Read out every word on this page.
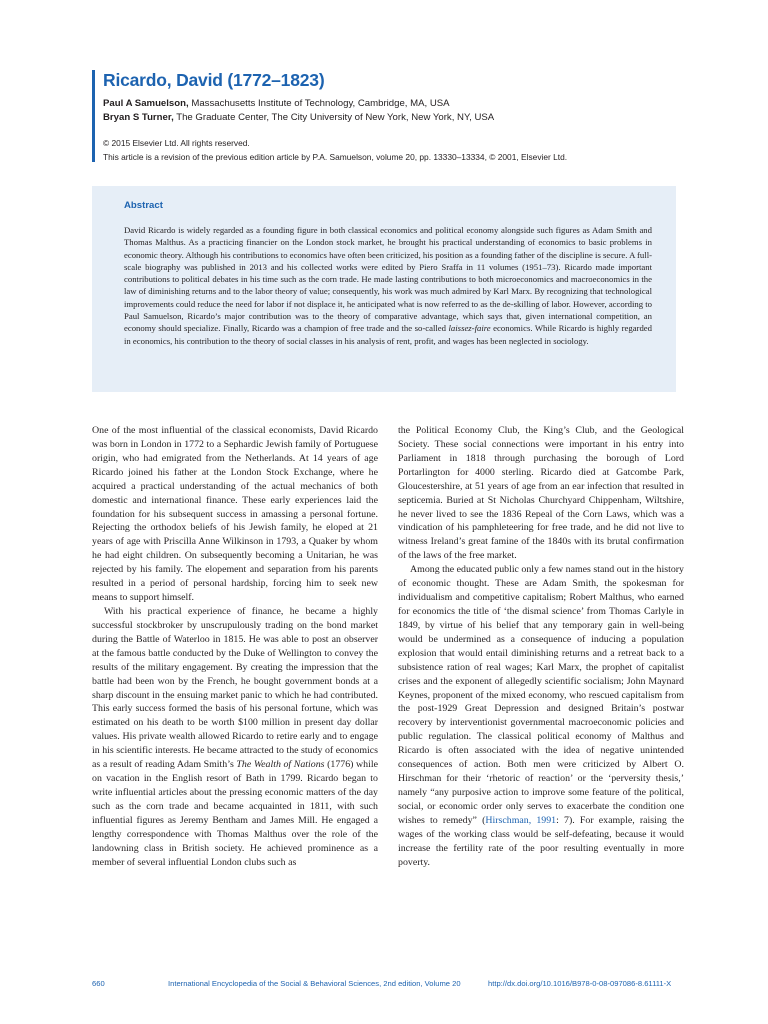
Ricardo, David (1772–1823)
Paul A Samuelson, Massachusetts Institute of Technology, Cambridge, MA, USA
Bryan S Turner, The Graduate Center, The City University of New York, New York, NY, USA
© 2015 Elsevier Ltd. All rights reserved.
This article is a revision of the previous edition article by P.A. Samuelson, volume 20, pp. 13330–13334, © 2001, Elsevier Ltd.
Abstract

David Ricardo is widely regarded as a founding figure in both classical economics and political economy alongside such figures as Adam Smith and Thomas Malthus. As a practicing financier on the London stock market, he brought his practical understanding of economics to basic problems in economic theory. Although his contributions to economics have often been criticized, his position as a founding father of the discipline is secure. A full-scale biography was published in 2013 and his collected works were edited by Piero Sraffa in 11 volumes (1951–73). Ricardo made important contributions to political debates in his time such as the corn trade. He made lasting contributions to both microeconomics and macroeconomics in the law of diminishing returns and to the labor theory of value; consequently, his work was much admired by Karl Marx. By recognizing that technological improvements could reduce the need for labor if not displace it, he anticipated what is now referred to as the de-skilling of labor. However, according to Paul Samuelson, Ricardo’s major contribution was to the theory of comparative advantage, which says that, given international competition, an economy should specialize. Finally, Ricardo was a champion of free trade and the so-called laissez-faire economics. While Ricardo is highly regarded in economics, his contribution to the theory of social classes in his analysis of rent, profit, and wages has been neglected in sociology.

One of the most influential of the classical economists, David Ricardo was born in London in 1772 to a Sephardic Jewish family of Portuguese origin, who had emigrated from the Netherlands. At 14 years of age Ricardo joined his father at the London Stock Exchange, where he acquired a practical understanding of the actual mechanics of both domestic and international finance. These early experiences laid the foundation for his subsequent success in amassing a personal fortune. Rejecting the orthodox beliefs of his Jewish family, he eloped at 21 years of age with Priscilla Anne Wilkinson in 1793, a Quaker by whom he had eight children. On subsequently becoming a Unitarian, he was rejected by his family. The elopement and separation from his parents resulted in a period of personal hardship, forcing him to seek new means to support himself.

With his practical experience of finance, he became a highly successful stockbroker by unscrupulously trading on the bond market during the Battle of Waterloo in 1815. He was able to post an observer at the famous battle conducted by the Duke of Wellington to convey the results of the military engagement. By creating the impression that the battle had been won by the French, he bought government bonds at a sharp discount in the ensuing market panic to which he had contributed. This early success formed the basis of his personal fortune, which was estimated on his death to be worth $100 million in present day dollar values. His private wealth allowed Ricardo to retire early and to engage in his scientific interests. He became attracted to the study of economics as a result of reading Adam Smith’s The Wealth of Nations (1776) while on vacation in the English resort of Bath in 1799. Ricardo began to write influential articles about the pressing economic matters of the day such as the corn trade and became acquainted in 1811, with such influential figures as Jeremy Bentham and James Mill. He engaged a lengthy correspondence with Thomas Malthus over the role of the landowning class in British society. He achieved prominence as a member of several influential London clubs such as

the Political Economy Club, the King’s Club, and the Geological Society. These social connections were important in his entry into Parliament in 1818 through purchasing the borough of Lord Portarlington for 4000 sterling. Ricardo died at Gatcombe Park, Gloucestershire, at 51 years of age from an ear infection that resulted in septicemia. Buried at St Nicholas Churchyard Chippenham, Wiltshire, he never lived to see the 1836 Repeal of the Corn Laws, which was a vindication of his pamphleteering for free trade, and he did not live to witness Ireland’s great famine of the 1840s with its brutal confirmation of the laws of the free market.

Among the educated public only a few names stand out in the history of economic thought. These are Adam Smith, the spokesman for individualism and competitive capitalism; Robert Malthus, who earned for economics the title of ‘the dismal science’ from Thomas Carlyle in 1849, by virtue of his belief that any temporary gain in well-being would be undermined as a consequence of inducing a population explosion that would entail diminishing returns and a retreat back to a subsistence ration of real wages; Karl Marx, the prophet of capitalist crises and the exponent of allegedly scientific socialism; John Maynard Keynes, proponent of the mixed economy, who rescued capitalism from the post-1929 Great Depression and designed Britain’s postwar recovery by interventionist governmental macroeconomic policies and public regulation. The classical political economy of Malthus and Ricardo is often associated with the idea of negative unintended consequences of action. Both men were criticized by Albert O. Hirschman for their ‘rhetoric of reaction’ or the ‘perversity thesis,’ namely “any purposive action to improve some feature of the political, social, or economic order only serves to exacerbate the condition one wishes to remedy” (Hirschman, 1991: 7). For example, raising the wages of the working class would be self-defeating, because it would increase the fertility rate of the poor resulting eventually in more poverty.

660	International Encyclopedia of the Social & Behavioral Sciences, 2nd edition, Volume 20	http://dx.doi.org/10.1016/B978-0-08-097086-8.61111-X
